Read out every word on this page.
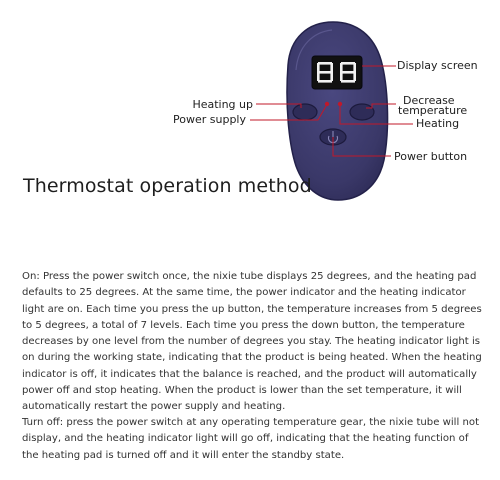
Display screen
Heating up
Power supply
Decrease
temperature
Heating
Power button
Thermostat operation method

On: Press the power switch once, the nixie tube displays 25 degrees, and the heating pad defaults to 25 degrees. At the same time, the power indicator and the heating indicator light are on. Each time you press the up button, the temperature increases from 5 degrees to 5 degrees, a total of 7 levels. Each time you press the down button, the temperature decreases by one level from the number of degrees you stay. The heating indicator light is on during the working state, indicating that the product is being heated. When the heating indicator is off, it indicates that the balance is reached, and the product will automatically power off and stop heating. When the product is lower than the set temperature, it will automatically restart the power supply and heating.

Turn off: press the power switch at any operating temperature gear, the nixie tube will not display, and the heating indicator light will go off, indicating that the heating function of the heating pad is turned off and it will enter the standby state.
